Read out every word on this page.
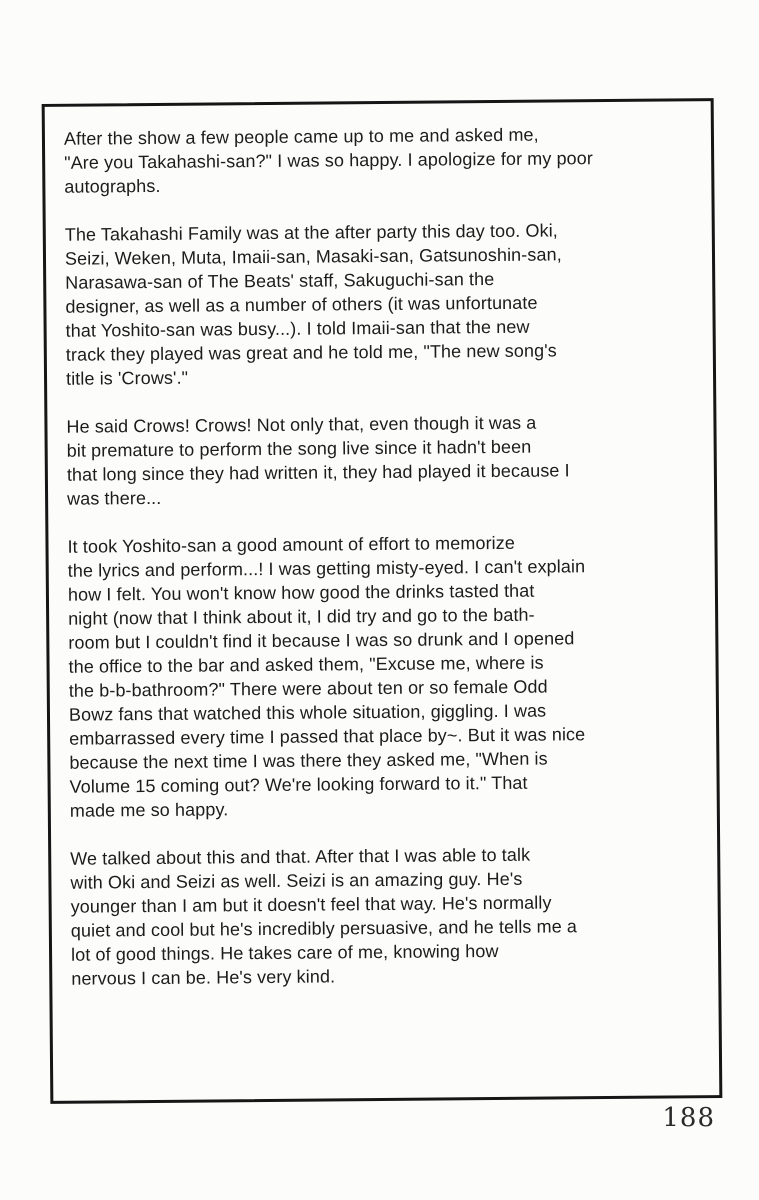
After the show a few people came up to me and asked me,
"Are you Takahashi-san?" I was so happy. I apologize for my poor
autographs.

The Takahashi Family was at the after party this day too. Oki,
Seizi, Weken, Muta, Imaii-san, Masaki-san, Gatsunoshin-san,
Narasawa-san of The Beats' staff, Sakuguchi-san the
designer, as well as a number of others (it was unfortunate
that Yoshito-san was busy...). I told Imaii-san that the new
track they played was great and he told me, "The new song's
title is 'Crows'."

He said Crows! Crows! Not only that, even though it was a
bit premature to perform the song live since it hadn't been
that long since they had written it, they had played it because I
was there...

It took Yoshito-san a good amount of effort to memorize
the lyrics and perform...! I was getting misty-eyed. I can't explain
how I felt. You won't know how good the drinks tasted that
night (now that I think about it, I did try and go to the bath-
room but I couldn't find it because I was so drunk and I opened
the office to the bar and asked them, "Excuse me, where is
the b-b-bathroom?" There were about ten or so female Odd
Bowz fans that watched this whole situation, giggling. I was
embarrassed every time I passed that place by~. But it was nice
because the next time I was there they asked me, "When is
Volume 15 coming out? We're looking forward to it." That
made me so happy.

We talked about this and that. After that I was able to talk
with Oki and Seizi as well. Seizi is an amazing guy. He's
younger than I am but it doesn't feel that way. He's normally
quiet and cool but he's incredibly persuasive, and he tells me a
lot of good things. He takes care of me, knowing how
nervous I can be. He's very kind.

188
